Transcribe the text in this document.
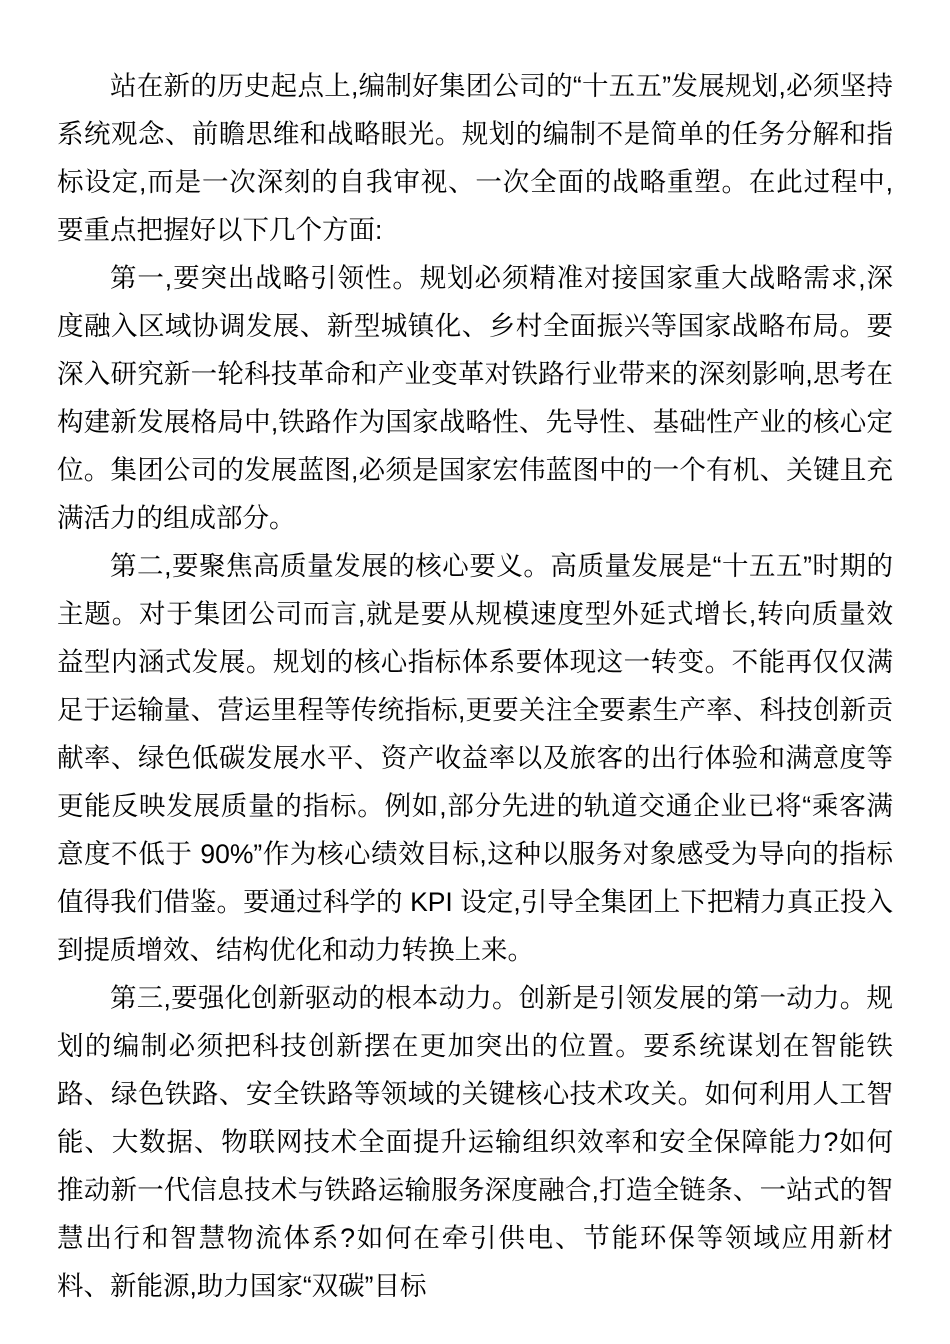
站在新的历史起点上,编制好集团公司的“十五五”发展规划,必须坚持系统观念、前瞻思维和战略眼光。规划的编制不是简单的任务分解和指标设定,而是一次深刻的自我审视、一次全面的战略重塑。在此过程中,要重点把握好以下几个方面:

第一,要突出战略引领性。规划必须精准对接国家重大战略需求,深度融入区域协调发展、新型城镇化、乡村全面振兴等国家战略布局。要深入研究新一轮科技革命和产业变革对铁路行业带来的深刻影响,思考在构建新发展格局中,铁路作为国家战略性、先导性、基础性产业的核心定位。集团公司的发展蓝图,必须是国家宏伟蓝图中的一个有机、关键且充满活力的组成部分。

第二,要聚焦高质量发展的核心要义。高质量发展是“十五五”时期的主题。对于集团公司而言,就是要从规模速度型外延式增长,转向质量效益型内涵式发展。规划的核心指标体系要体现这一转变。不能再仅仅满足于运输量、营运里程等传统指标,更要关注全要素生产率、科技创新贡献率、绿色低碳发展水平、资产收益率以及旅客的出行体验和满意度等更能反映发展质量的指标。例如,部分先进的轨道交通企业已将“乘客满意度不低于 90%”作为核心绩效目标,这种以服务对象感受为导向的指标值得我们借鉴。要通过科学的 KPI 设定,引导全集团上下把精力真正投入到提质增效、结构优化和动力转换上来。

第三,要强化创新驱动的根本动力。创新是引领发展的第一动力。规划的编制必须把科技创新摆在更加突出的位置。要系统谋划在智能铁路、绿色铁路、安全铁路等领域的关键核心技术攻关。如何利用人工智能、大数据、物联网技术全面提升运输组织效率和安全保障能力?如何推动新一代信息技术与铁路运输服务深度融合,打造全链条、一站式的智慧出行和智慧物流体系?如何在牵引供电、节能环保等领域应用新材料、新能源,助力国家“双碳”目标
